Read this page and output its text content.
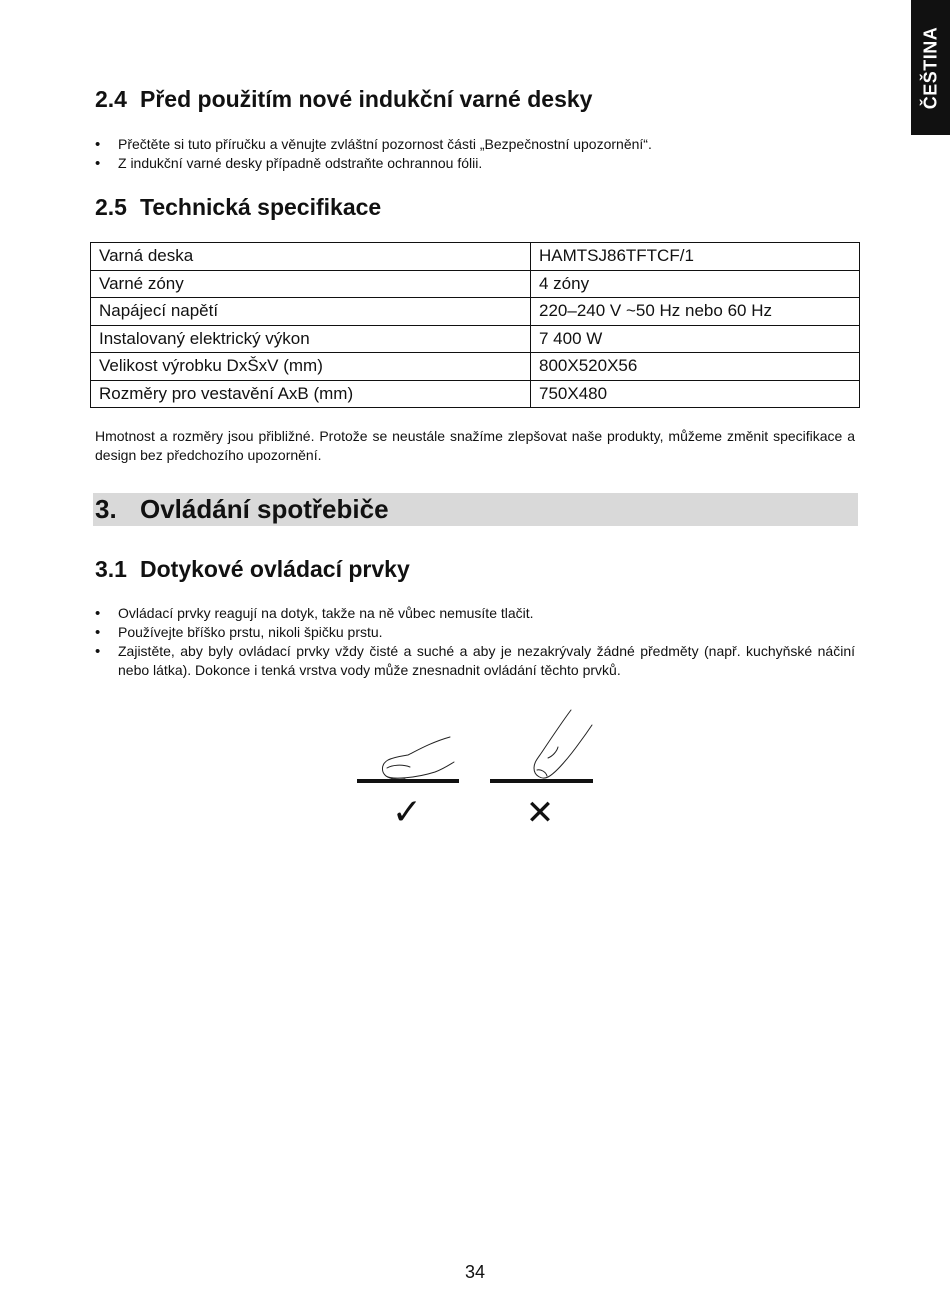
ČEŠTINA
2.4 Před použitím nové indukční varné desky
• Přečtěte si tuto příručku a věnujte zvláštní pozornost části „Bezpečnostní upozornění“.
• Z indukční varné desky případně odstraňte ochrannou fólii.
2.5 Technická specifikace
Varná deska	HAMTSJ86TFTCF/1
Varné zóny	4 zóny
Napájecí napětí	220–240 V ~50 Hz nebo 60 Hz
Instalovaný elektrický výkon	7 400 W
Velikost výrobku DxŠxV (mm)	800X520X56
Rozměry pro vestavění AxB (mm)	750X480

Hmotnost a rozměry jsou přibližné. Protože se neustále snažíme zlepšovat naše produkty, můžeme změnit specifikace a design bez předchozího upozornění.

3. Ovládání spotřebiče
3.1 Dotykové ovládací prvky
• Ovládací prvky reagují na dotyk, takže na ně vůbec nemusíte tlačit.
• Používejte bříško prstu, nikoli špičku prstu.
• Zajistěte, aby byly ovládací prvky vždy čisté a suché a aby je nezakrývaly žádné předměty (např. kuchyňské náčiní nebo látka). Dokonce i tenká vrstva vody může znesnadnit ovládání těchto prvků.
✓	✕
34
